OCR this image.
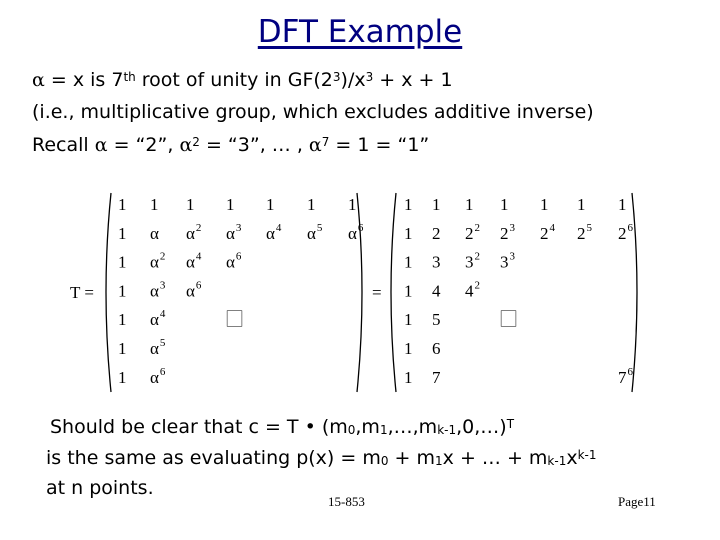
DFT Example
α = x is 7th root of unity in $GF(2^3)/x^3 + x + 1$
(i.e., multiplicative group, which excludes additive inverse)
Recall α = “2”, $\alpha^2$ = “3”, … , $\alpha^7 = 1$ = “1”
T =	=
1 1 1 1 1 1 1
1 α $\alpha^2$ $\alpha^3$ $\alpha^4$ $\alpha^5$ $\alpha^6$
1 $\alpha^2$ $\alpha^4$ $\alpha^6$
1 $\alpha^3$ $\alpha^6$
1 $\alpha^4$	⃞
1 $\alpha^5$
1 $\alpha^6$
1 1 1 1 1 1 1
1 2 $2^2$ $2^3$ $2^4$ $2^5$ $2^6$
1 3 $3^2$ $3^3$
1 4 $4^2$
1 5	⃞
1 6
1 7	$7^6$
Should be clear that c = T • $(m_0,m_1,\dots,m_{k-1},0,\dots)^T$
is the same as evaluating $p(x) = m_0 + m_1x$ + … + $m_{k-1}x^{k-1}$
at n points.
15-853	Page11
